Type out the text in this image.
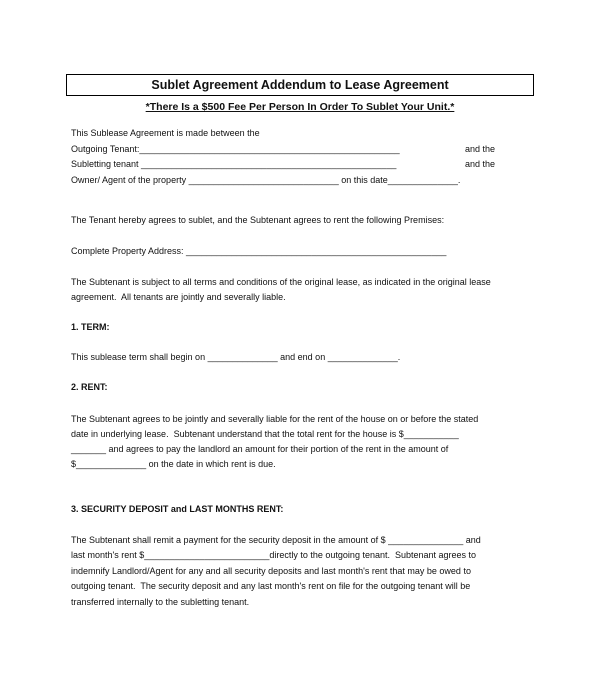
Sublet Agreement Addendum to Lease Agreement
*There Is a $500 Fee Per Person In Order To Sublet Your Unit.*
This Sublease Agreement is made between the
Outgoing Tenant:____________________________________________________	and the
Subletting tenant ___________________________________________________	and the
Owner/ Agent of the property ______________________________ on this date______________.
The Tenant hereby agrees to sublet, and the Subtenant agrees to rent the following Premises:
Complete Property Address: ____________________________________________________
The Subtenant is subject to all terms and conditions of the original lease, as indicated in the original lease
agreement.  All tenants are jointly and severally liable.
1. TERM:
This sublease term shall begin on ______________ and end on ______________.
2. RENT:
The Subtenant agrees to be jointly and severally liable for the rent of the house on or before the stated
date in underlying lease.  Subtenant understand that the total rent for the house is $___________
_______ and agrees to pay the landlord an amount for their portion of the rent in the amount of
$______________ on the date in which rent is due.
3. SECURITY DEPOSIT and LAST MONTHS RENT:
The Subtenant shall remit a payment for the security deposit in the amount of $ _______________ and
last month's rent $_________________________directly to the outgoing tenant.  Subtenant agrees to
indemnify Landlord/Agent for any and all security deposits and last month's rent that may be owed to
outgoing tenant.  The security deposit and any last month's rent on file for the outgoing tenant will be
transferred internally to the subletting tenant.
